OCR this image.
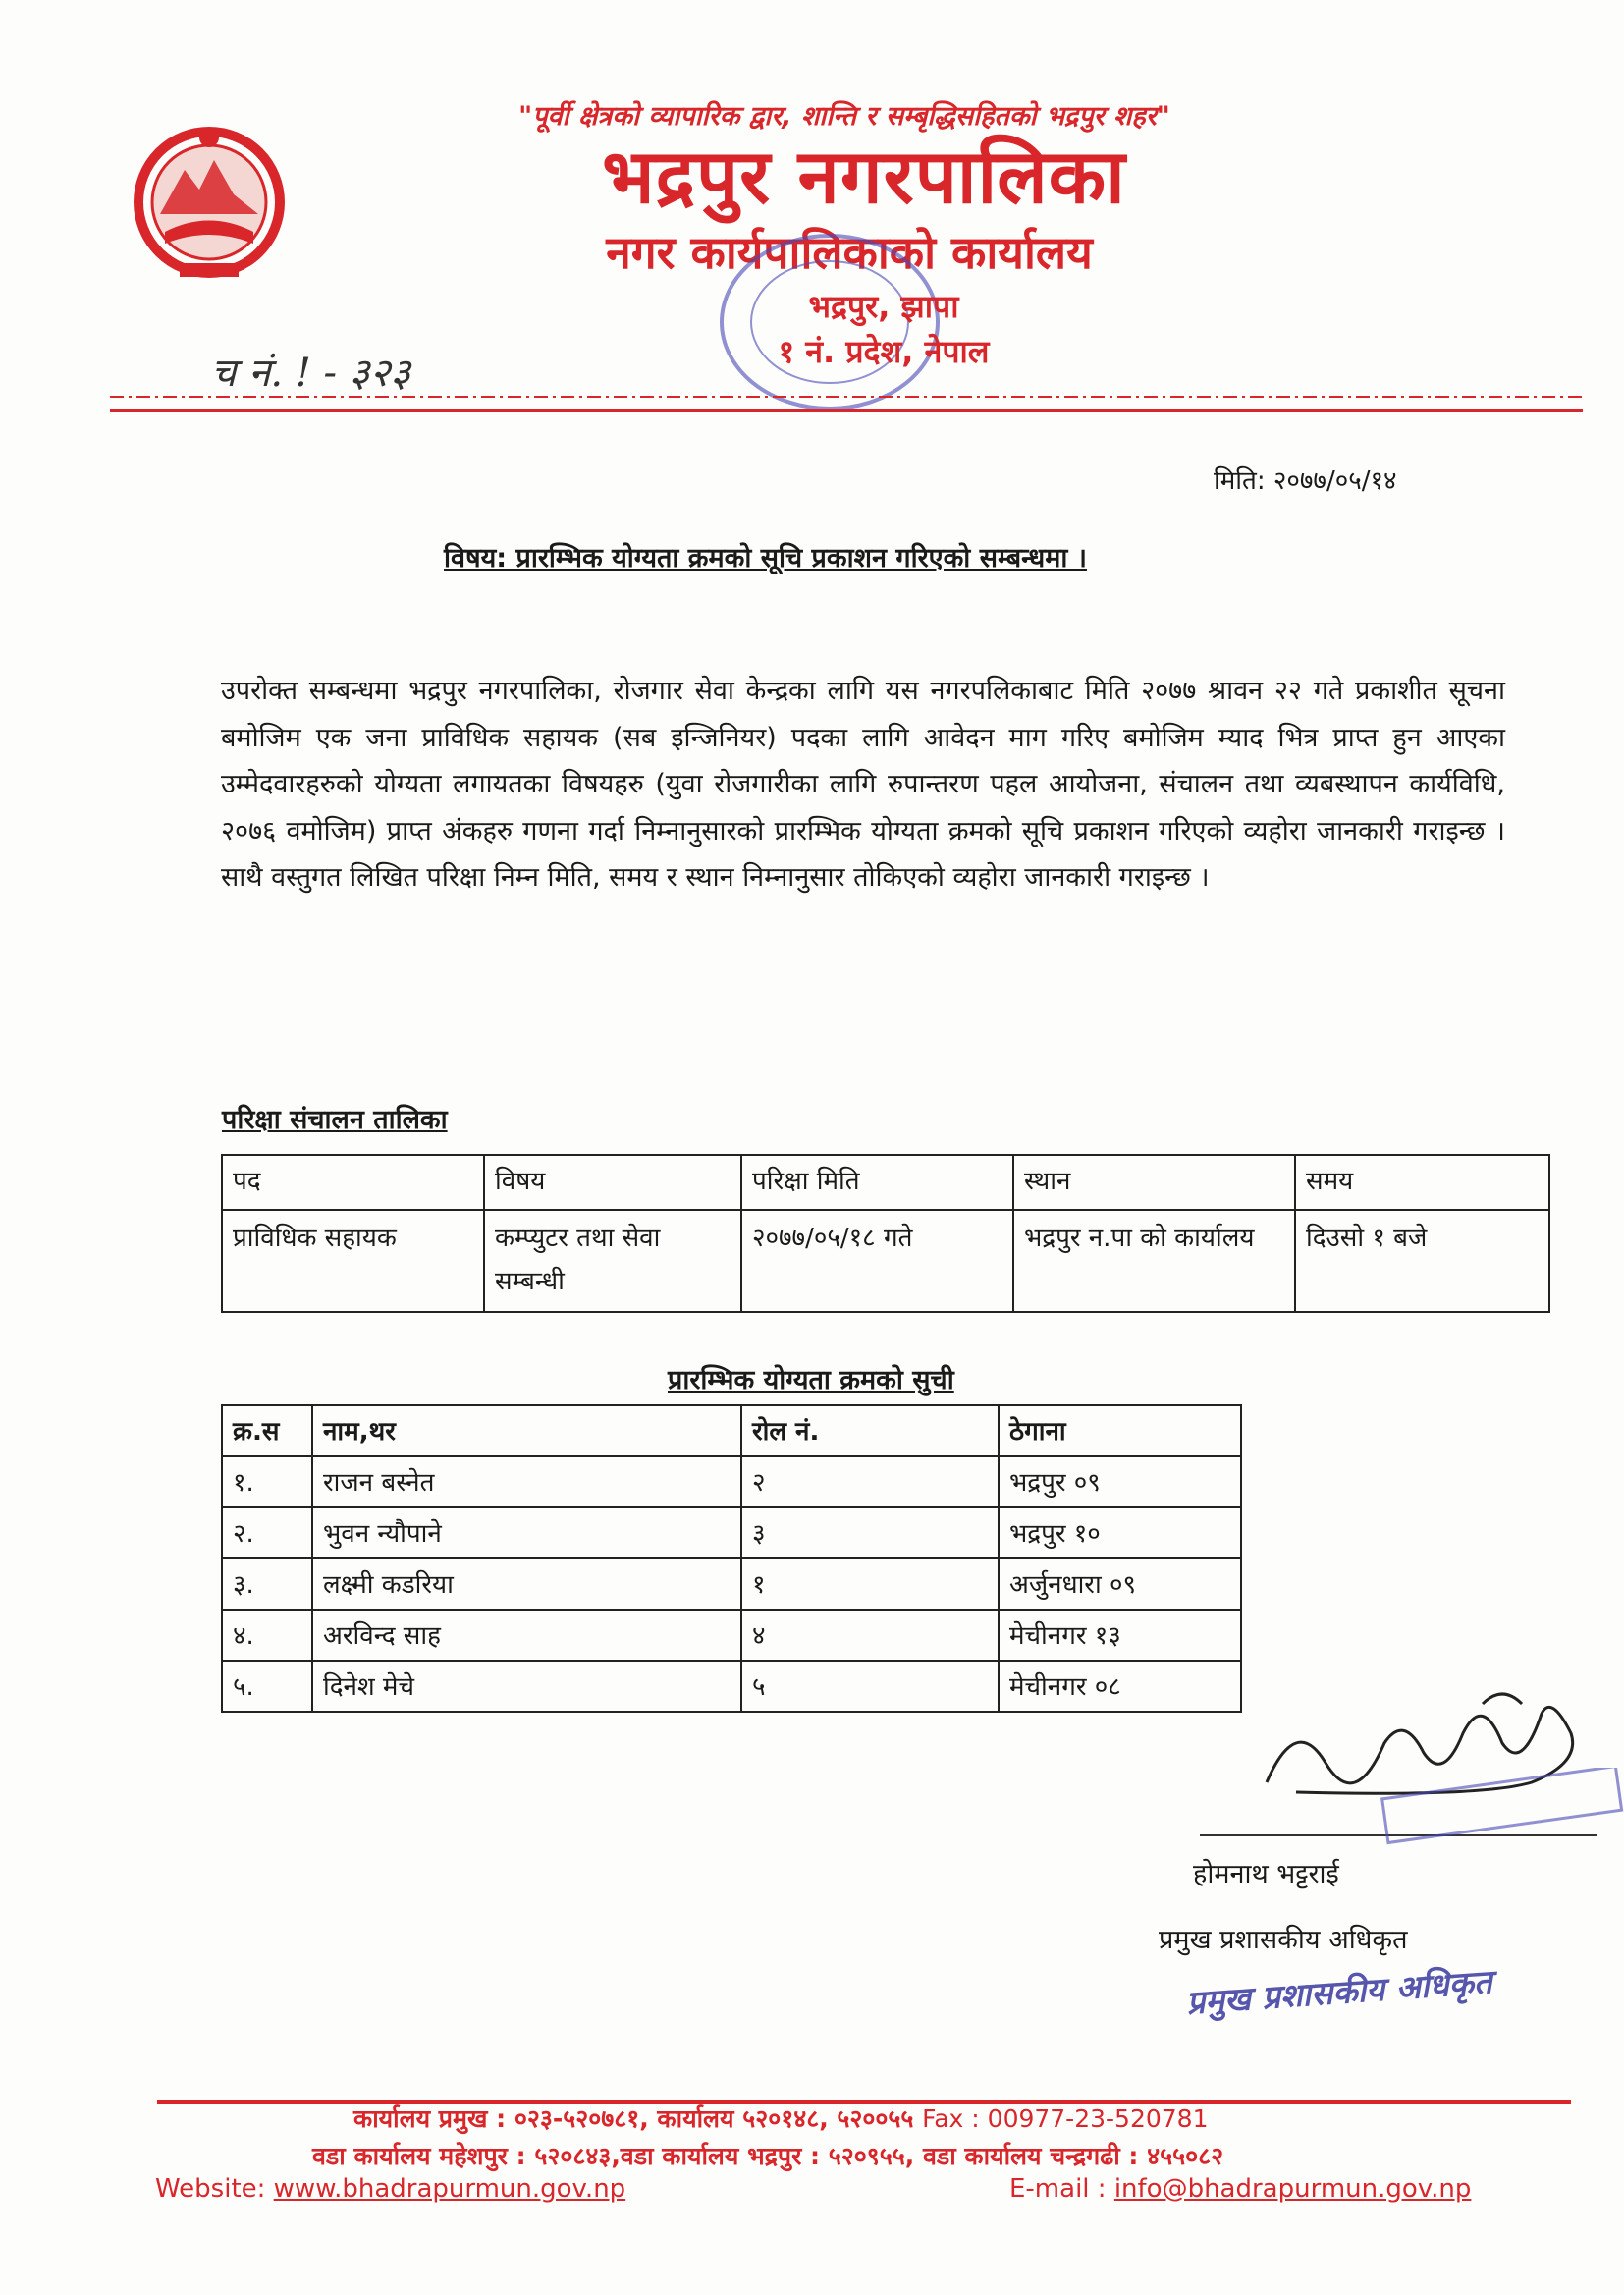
"पूर्वी क्षेत्रको व्यापारिक द्वार, शान्ति र सम्बृद्धिसहितको भद्रपुर शहर"
भद्रपुर नगरपालिका
नगर कार्यपालिकाको कार्यालय
भद्रपुर, झापा
१ नं. प्रदेश, नेपाल
च नं. ! - ३२३
मिति: २०७७/०५/१४
विषय: प्रारम्भिक योग्यता क्रमको सूचि प्रकाशन गरिएको सम्बन्धमा ।
उपरोक्त सम्बन्धमा भद्रपुर नगरपालिका, रोजगार सेवा केन्द्रका लागि यस नगरपलिकाबाट मिति २०७७ श्रावन २२ गते प्रकाशीत सूचना बमोजिम एक जना प्राविधिक सहायक (सब इन्जिनियर) पदका लागि आवेदन माग गरिए बमोजिम म्याद भित्र प्राप्त हुन आएका उम्मेदवारहरुको योग्यता लगायतका विषयहरु (युवा रोजगारीका लागि रुपान्तरण पहल आयोजना, संचालन तथा व्यबस्थापन कार्यविधि, २०७६ वमोजिम) प्राप्त अंकहरु गणना गर्दा निम्नानुसारको प्रारम्भिक योग्यता क्रमको सूचि प्रकाशन गरिएको व्यहोरा जानकारी गराइन्छ । साथै वस्तुगत लिखित परिक्षा निम्न मिति, समय र स्थान निम्नानुसार तोकिएको व्यहोरा जानकारी गराइन्छ ।
परिक्षा संचालन तालिका
पद	विषय	परिक्षा मिति	स्थान	समय
प्राविधिक सहायक	कम्प्युटर तथा सेवा सम्बन्धी	२०७७/०५/१८ गते	भद्रपुर न.पा को कार्यालय	दिउसो १ बजे
प्रारम्भिक योग्यता क्रमको सुची
क्र.स	नाम,थर	रोल नं.	ठेगाना
१.	राजन बस्नेत	२	भद्रपुर ०९
२.	भुवन न्यौपाने	३	भद्रपुर १०
३.	लक्ष्मी कडरिया	१	अर्जुनधारा ०९
४.	अरविन्द साह	४	मेचीनगर १३
५.	दिनेश मेचे	५	मेचीनगर ०८
होमनाथ भट्टराई
प्रमुख प्रशासकीय अधिकृत
प्रमुख प्रशासकीय अधिकृत
कार्यालय प्रमुख : ०२३-५२०७८१, कार्यालय ५२०१४८, ५२००५५ Fax : 00977-23-520781
वडा कार्यालय महेशपुर : ५२०८४३,वडा कार्यालय भद्रपुर : ५२०९५५, वडा कार्यालय चन्द्रगढी : ४५५०८२
Website: www.bhadrapurmun.gov.np	E-mail : info@bhadrapurmun.gov.np
